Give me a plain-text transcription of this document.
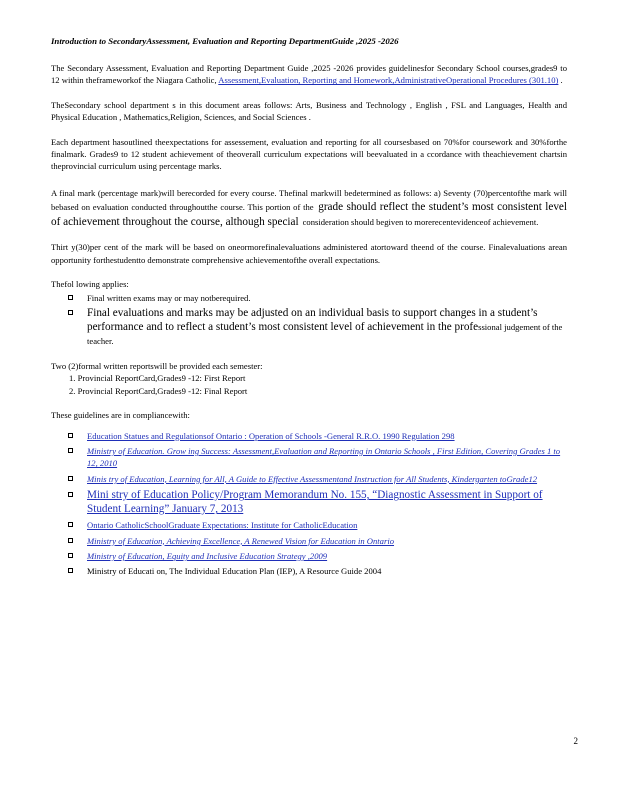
Introduction to SecondaryAssessment, Evaluation and Reporting DepartmentGuide ,2025 -2026

The Secondary Assessment, Evaluation and Reporting Department Guide ,2025 -2026 provides guidelinesfor Secondary School courses,grades9 to 12 within theframeworkof the Niagara Catholic, Assessment,Evaluation, Reporting and Homework,AdministrativeOperational Procedures (301.10) .

TheSecondary school department s in this document areas follows: Arts, Business and Technology , English , FSL and Languages, Health and Physical Education , Mathematics,Religion, Sciences, and Social Sciences .

Each department hasoutlined theexpectations for assessement, evaluation and reporting for all coursesbased on 70%for coursework and 30%forthe finalmark. Grades9 to 12 student achievement of theoverall curriculum expectations will beevaluated in a ccordance with theachievement chartsin theprovincial curriculum using percentage marks.

A final mark (percentage mark)will berecorded for every course. Thefinal markwill bedetermined as follows: a) Seventy (70)percentofthe mark will bebased on evaluation conducted throughoutthe course. This portion of the grade should reflect the student’s most consistent level of achievement throughout the course, although special consideration should begiven to morerecentevidenceof achievement.

Thirt y(30)per cent of the mark will be based on oneormorefinalevaluations administered atortoward theend of the course. Finalevaluations arean opportunity forthestudentto demonstrate comprehensive achievementofthe overall expectations.

Thefol lowing applies:

Final written exams may or may notberequired.
Final evaluations and marks may be adjusted on an individual basis to support changes in a student’s performance and to reflect a student’s most consistent level of achievement in the professional judgement of the teacher.

Two (2)formal written reportswill be provided each semester:

1. Provincial ReportCard,Grades9 -12: First Report
2. Provincial ReportCard,Grades9 -12: Final Report

These guidelines are in compliancewith:

Education Statues and Regulationsof Ontario : Operation of Schools -General R.R.O. 1990 Regulation 298
Ministry of Education. Grow ing Success: Assessment,Evaluation and Reporting in Ontario Schools , First Edition, Covering Grades 1 to 12, 2010
Minis try of Education, Learning for All, A Guide to Effective Assessmentand Instruction for All Students, Kindergarten toGrade12
Mini stry of Education Policy/Program Memorandum No. 155, “Diagnostic Assessment in Support of Student Learning” January 7, 2013
Ontario CatholicSchoolGraduate Expectations: Institute for CatholicEducation
Ministry of Education, Achieving Excellence, A Renewed Vision for Education in Ontario
Ministry of Education, Equity and Inclusive Education Strategy ,2009
Ministry of Educati on, The Individual Education Plan (IEP), A Resource Guide 2004
2
